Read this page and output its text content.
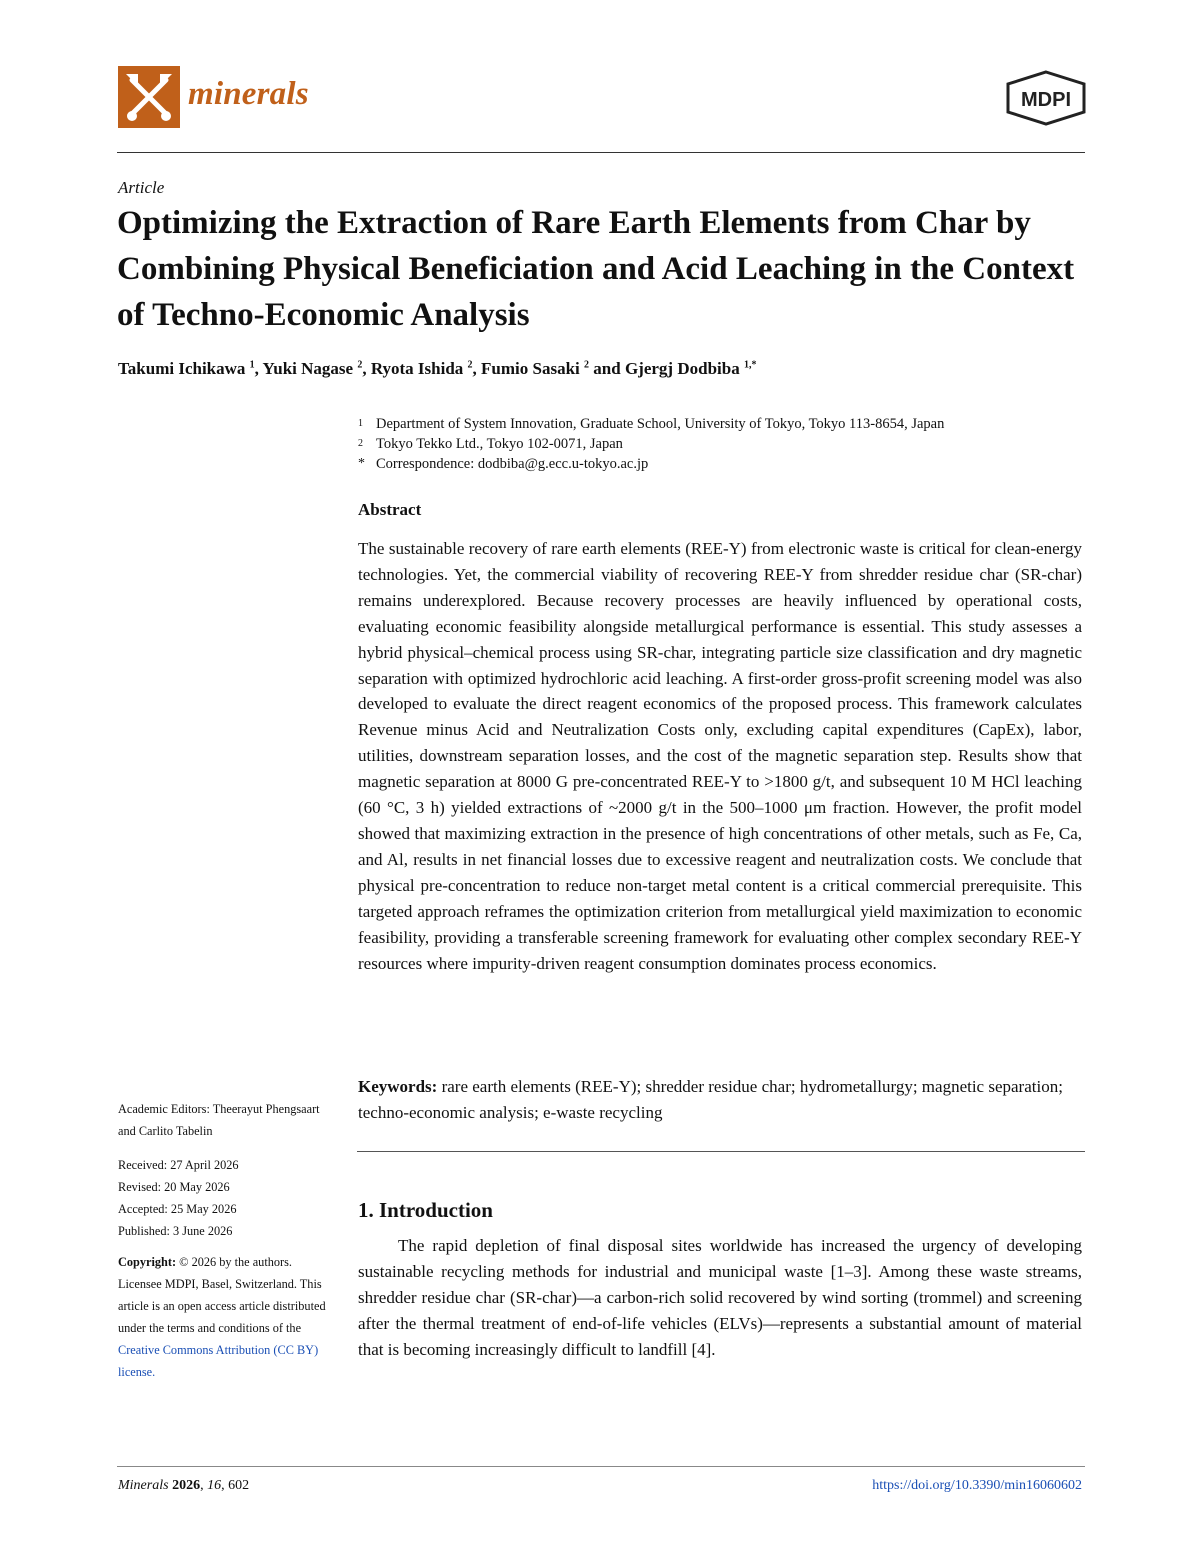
minerals	MDPI
Article
Optimizing the Extraction of Rare Earth Elements from Char by Combining Physical Beneficiation and Acid Leaching in the Context of Techno-Economic Analysis
Takumi Ichikawa $^1$, Yuki Nagase $^2$, Ryota Ishida $^2$, Fumio Sasaki $^2$ and Gjergj Dodbiba $^{1,*}$
1 Department of System Innovation, Graduate School, University of Tokyo, Tokyo 113-8654, Japan
2 Tokyo Tekko Ltd., Tokyo 102-0071, Japan
* Correspondence: dodbiba@g.ecc.u-tokyo.ac.jp
Abstract

The sustainable recovery of rare earth elements (REE-Y) from electronic waste is critical for clean-energy technologies. Yet, the commercial viability of recovering REE-Y from shredder residue char (SR-char) remains underexplored. Because recovery processes are heavily influenced by operational costs, evaluating economic feasibility alongside metallurgical performance is essential. This study assesses a hybrid physical–chemical process using SR-char, integrating particle size classification and dry magnetic separation with optimized hydrochloric acid leaching. A first-order gross-profit screening model was also developed to evaluate the direct reagent economics of the proposed process. This framework calculates Revenue minus Acid and Neutralization Costs only, excluding capital expenditures (CapEx), labor, utilities, downstream separation losses, and the cost of the magnetic separation step. Results show that magnetic separation at 8000 G pre-concentrated REE-Y to >1800 g/t, and subsequent 10 M HCl leaching (60 °C, 3 h) yielded extractions of ~2000 g/t in the 500–1000 μm fraction. However, the profit model showed that maximizing extraction in the presence of high concentrations of other metals, such as Fe, Ca, and Al, results in net financial losses due to excessive reagent and neutralization costs. We conclude that physical pre-concentration to reduce non-target metal content is a critical commercial prerequisite. This targeted approach reframes the optimization criterion from metallurgical yield maximization to economic feasibility, providing a transferable screening framework for evaluating other complex secondary REE-Y resources where impurity-driven reagent consumption dominates process economics.

Keywords: rare earth elements (REE-Y); shredder residue char; hydrometallurgy; magnetic separation; techno-economic analysis; e-waste recycling

Academic Editors: Theerayut Phengsaart and Carlito Tabelin
Received: 27 April 2026
Revised: 20 May 2026
Accepted: 25 May 2026
Published: 3 June 2026
Copyright: © 2026 by the authors. Licensee MDPI, Basel, Switzerland. This article is an open access article distributed under the terms and conditions of the Creative Commons Attribution (CC BY) license.
1. Introduction

The rapid depletion of final disposal sites worldwide has increased the urgency of developing sustainable recycling methods for industrial and municipal waste [1–3]. Among these waste streams, shredder residue char (SR-char)—a carbon-rich solid recovered by wind sorting (trommel) and screening after the thermal treatment of end-of-life vehicles (ELVs)—represents a substantial amount of material that is becoming increasingly difficult to landfill [4].

Minerals 2026, 16, 602	https://doi.org/10.3390/min16060602
